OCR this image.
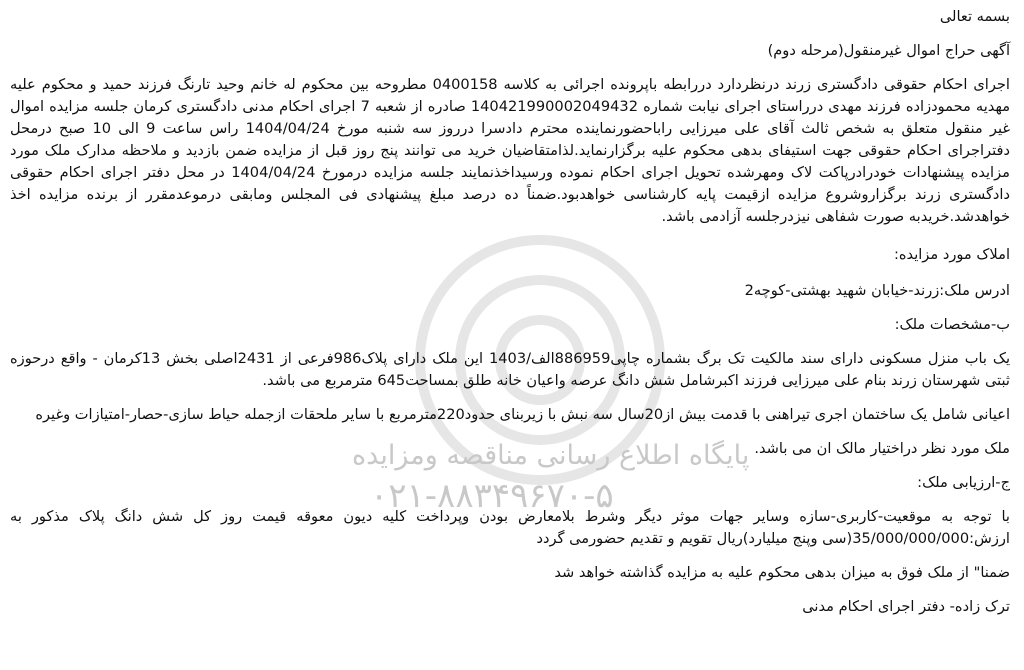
پایگاه اطلاع رسانی مناقصه ومزایده
۰۲۱-۸۸۳۴۹۶۷۰-۵

بسمه تعالی

آگهی حراج اموال غیرمنقول(مرحله دوم)

اجرای احکام حقوقی دادگستری زرند درنظردارد دررابطه باپرونده اجرائی به کلاسه 0400158 مطروحه بین محکوم له خانم وحید تارنگ فرزند حمید و محکوم علیه مهدیه محمودزاده فرزند مهدی درراستای اجرای نیابت شماره 140421990002049432 صادره از شعبه 7 اجرای احکام مدنی دادگستری کرمان جلسه مزایده اموال غیر منقول متعلق به شخص ثالث آقای علی میرزایی راباحضورنماینده محترم دادسرا درروز سه شنبه مورخ 1404/04/24 راس ساعت 9 الی 10 صبح درمحل دفتراجرای احکام حقوقی جهت استیفای بدهی محکوم علیه برگزارنماید.لذامتقاضیان خرید می توانند پنج روز قبل از مزایده ضمن بازدید و ملاحظه مدارک ملک مورد مزایده پیشنهادات خودرادرپاکت لاک ومهرشده تحویل اجرای احکام نموده ورسیداخذنمایند جلسه مزایده درمورخ 1404/04/24 در محل دفتر اجرای احکام حقوقی دادگستری زرند برگزاروشروع مزایده ازقیمت پایه کارشناسی خواهدبود.ضمناً ده درصد مبلغ پیشنهادی فی المجلس ومابقی درموعدمقرر از برنده مزایده اخذ خواهدشد.خریدبه صورت شفاهی نیزدرجلسه آزادمی باشد.

املاک مورد مزایده:

ادرس ملک:زرند-خیابان شهید بهشتی-کوچه2

ب-مشخصات ملک:

یک باب منزل مسکونی دارای سند مالکیت تک برگ بشماره چاپی886959الف/1403 این ملک دارای پلاک986فرعی از 2431اصلی بخش 13کرمان - واقع درحوزه ثبتی شهرستان زرند بنام علی میرزایی فرزند اکبرشامل شش دانگ عرصه واعیان خانه طلق بمساحت645 مترمربع می باشد.

اعیانی شامل یک ساختمان اجری تیراهنی با قدمت بیش از20سال سه نبش با زیربنای حدود220مترمربع با سایر ملحقات ازجمله حیاط سازی-حصار-امتیازات وغیره

ملک مورد نظر دراختیار مالک ان می باشد.

ج-ارزیابی ملک:

با توجه به موقعیت-کاربری-سازه وسایر جهات موثر دیگر وشرط بلامعارض بودن وپرداخت کلیه دیون معوقه قیمت روز کل شش دانگ پلاک مذکور به ارزش:35/000/000/000(سی وپنج میلیارد)ریال تقویم و تقدیم حضورمی گردد

ضمنا" از ملک فوق به میزان بدهی محکوم علیه به مزایده گذاشته خواهد شد

ترک زاده- دفتر اجرای احکام مدنی
